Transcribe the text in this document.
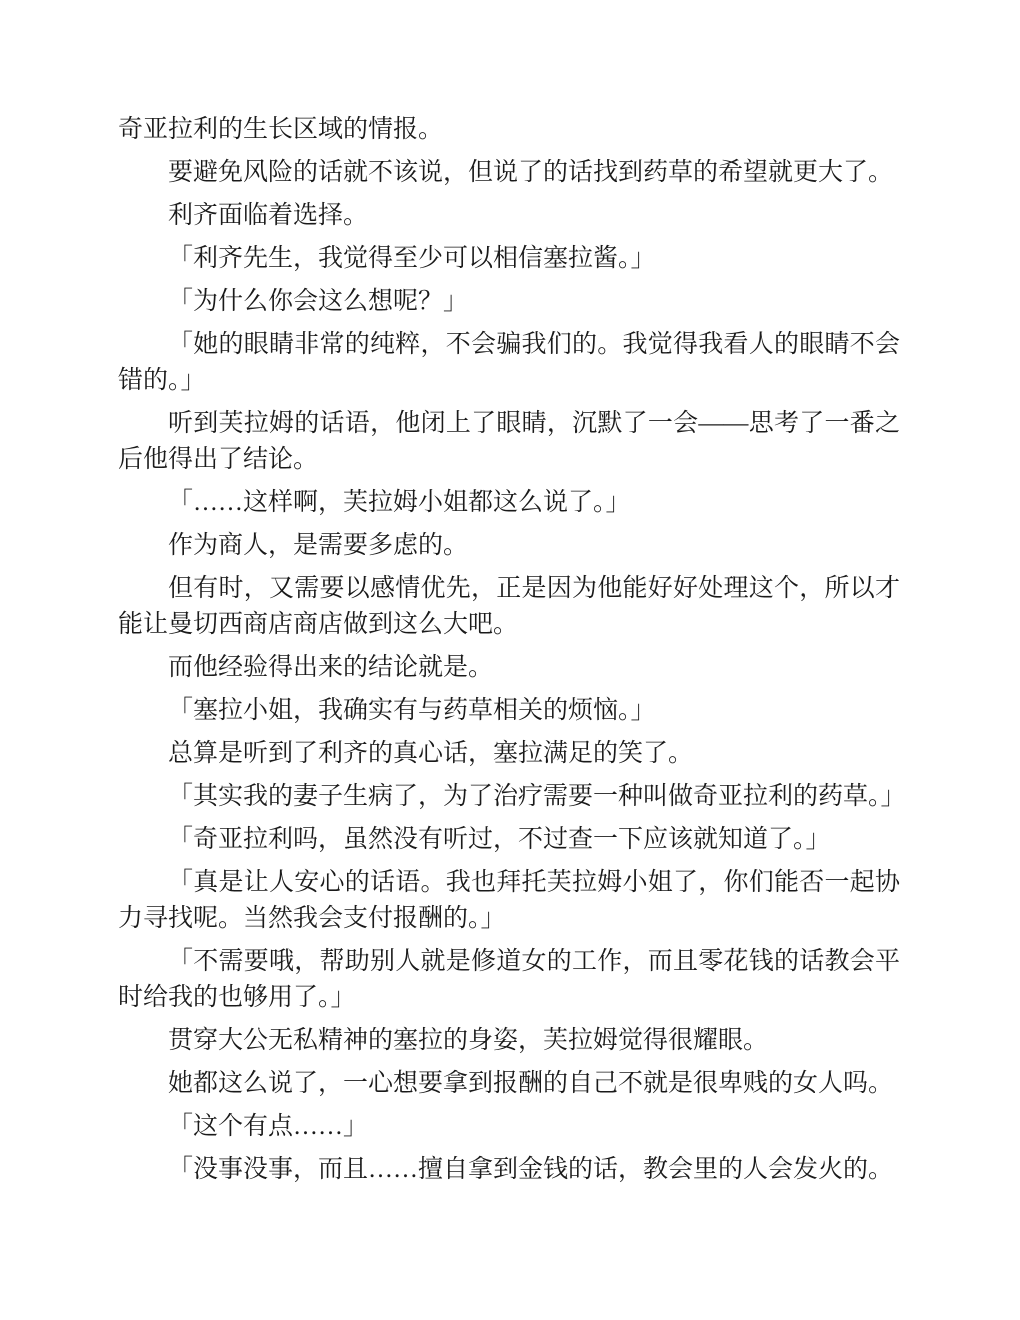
奇亚拉利的生长区域的情报。

要避免风险的话就不该说，但说了的话找到药草的希望就更大了。

利齐面临着选择。

「利齐先生，我觉得至少可以相信塞拉酱。」

「为什么你会这么想呢？」

「她的眼睛非常的纯粹，不会骗我们的。我觉得我看人的眼睛不会错的。」

听到芙拉姆的话语，他闭上了眼睛，沉默了一会——思考了一番之后他得出了结论。

「……这样啊，芙拉姆小姐都这么说了。」

作为商人，是需要多虑的。

但有时，又需要以感情优先，正是因为他能好好处理这个，所以才能让曼切西商店商店做到这么大吧。

而他经验得出来的结论就是。

「塞拉小姐，我确实有与药草相关的烦恼。」

总算是听到了利齐的真心话，塞拉满足的笑了。

「其实我的妻子生病了，为了治疗需要一种叫做奇亚拉利的药草。」

「奇亚拉利吗，虽然没有听过，不过查一下应该就知道了。」

「真是让人安心的话语。我也拜托芙拉姆小姐了，你们能否一起协力寻找呢。当然我会支付报酬的。」

「不需要哦，帮助别人就是修道女的工作，而且零花钱的话教会平时给我的也够用了。」

贯穿大公无私精神的塞拉的身姿，芙拉姆觉得很耀眼。

她都这么说了，一心想要拿到报酬的自己不就是很卑贱的女人吗。

「这个有点……」

「没事没事，而且……擅自拿到金钱的话，教会里的人会发火的。
